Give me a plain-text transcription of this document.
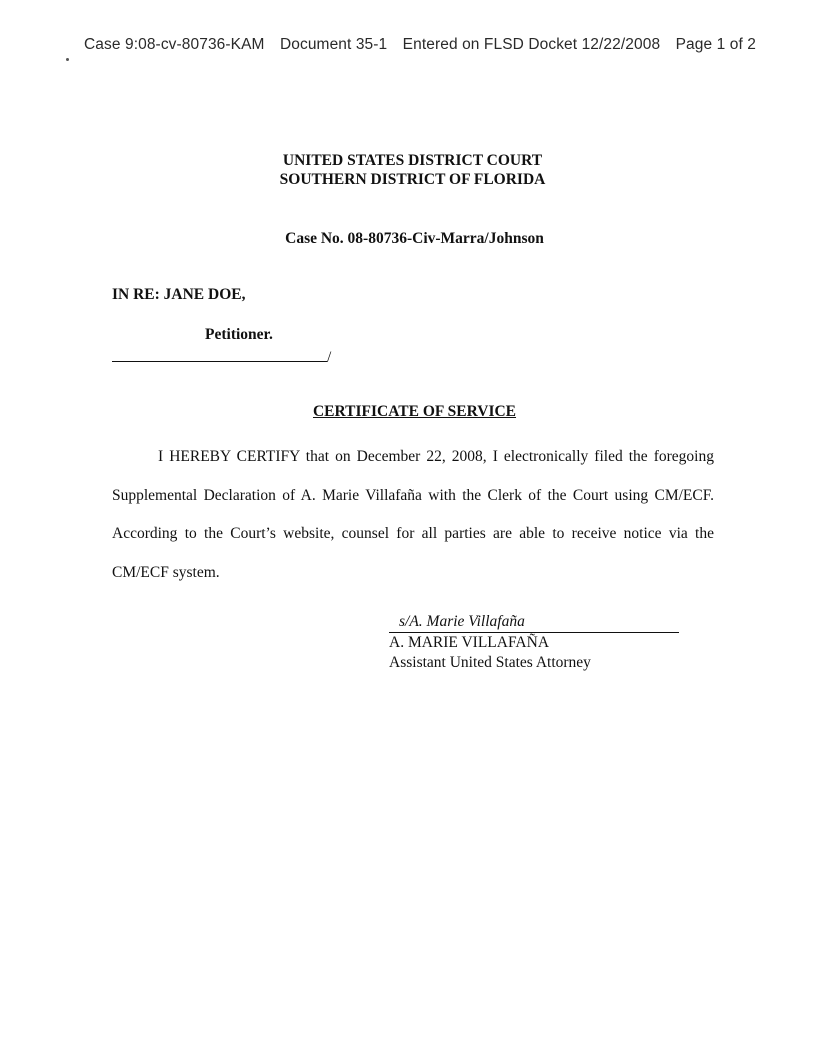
Case 9:08-cv-80736-KAM Document 35-1 Entered on FLSD Docket 12/22/2008 Page 1 of 2
UNITED STATES DISTRICT COURT
SOUTHERN DISTRICT OF FLORIDA
Case No. 08-80736-Civ-Marra/Johnson
IN RE: JANE DOE,
Petitioner.
/
CERTIFICATE OF SERVICE

I HEREBY CERTIFY that on December 22, 2008, I electronically filed the foregoing

Supplemental Declaration of A. Marie Villafaña with the Clerk of the Court using CM/ECF.

According to the Court’s website, counsel for all parties are able to receive notice via the

CM/ECF system.

s/A. Marie Villafaña
A. MARIE VILLAFAÑA
Assistant United States Attorney
